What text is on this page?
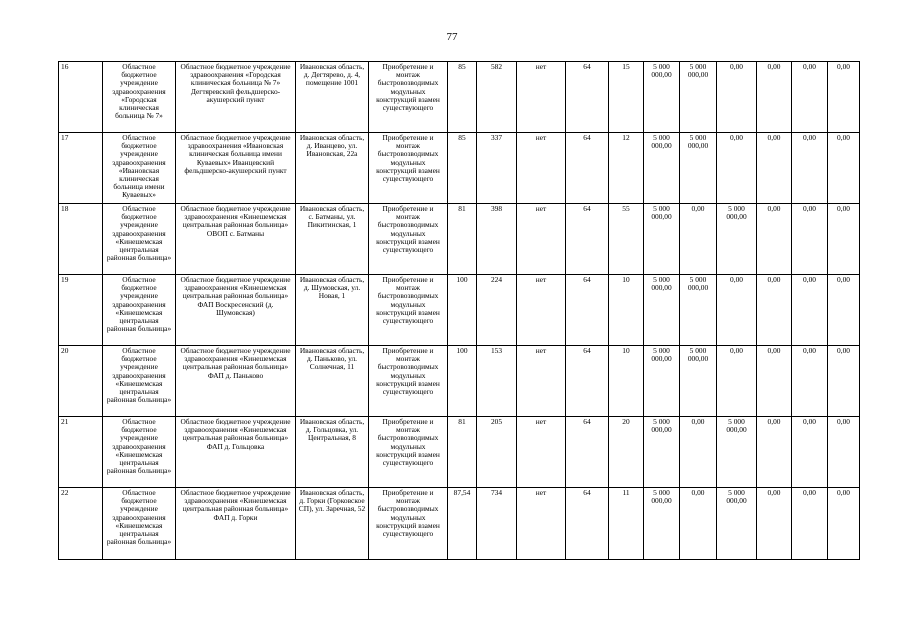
77
16	Областное бюджетное учреждение здравоохранения «Городская клиническая больница № 7»	Областное бюджетное учреждение здравоохранения «Городская клиническая больница № 7» Дегтяревский фельдшерско-акушерский пункт	Ивановская область, д. Дегтярево, д. 4, помещение 1001	Приобретение и монтаж быстровозводимых модульных конструкций взамен существующего	85	582	нет	64	15	5 000 000,00	5 000 000,00	0,00	0,00	0,00	0,00

17	Областное бюджетное учреждение здравоохранения «Ивановская клиническая больница имени Куваевых»	Областное бюджетное учреждение здравоохранения «Ивановская клиническая больница имени Куваевых» Иванцевский фельдшерско-акушерский пункт	Ивановская область, д. Иванцево, ул. Ивановская, 22а	Приобретение и монтаж быстровозводимых модульных конструкций взамен существующего	85	337	нет	64	12	5 000 000,00	5 000 000,00	0,00	0,00	0,00	0,00

18	Областное бюджетное учреждение здравоохранения «Кинешемская центральная районная больница»	Областное бюджетное учреждение здравоохранения «Кинешемская центральная районная больница» ОВОП с. Батманы	Ивановская область, с. Батманы, ул. Пикитинская, 1	Приобретение и монтаж быстровозводимых модульных конструкций взамен существующего	81	398	нет	64	55	5 000 000,00	0,00	5 000 000,00	0,00	0,00	0,00

19	Областное бюджетное учреждение здравоохранения «Кинешемская центральная районная больница»	Областное бюджетное учреждение здравоохранения «Кинешемская центральная районная больница» ФАП Воскресенский (д. Шумовская)	Ивановская область, д. Шумовская, ул. Новая, 1	Приобретение и монтаж быстровозводимых модульных конструкций взамен существующего	100	224	нет	64	10	5 000 000,00	5 000 000,00	0,00	0,00	0,00	0,00

20	Областное бюджетное учреждение здравоохранения «Кинешемская центральная районная больница»	Областное бюджетное учреждение здравоохранения «Кинешемская центральная районная больница» ФАП д. Паньково	Ивановская область, д. Паньково, ул. Солнечная, 11	Приобретение и монтаж быстровозводимых модульных конструкций взамен существующего	100	153	нет	64	10	5 000 000,00	5 000 000,00	0,00	0,00	0,00	0,00

21	Областное бюджетное учреждение здравоохранения «Кинешемская центральная районная больница»	Областное бюджетное учреждение здравоохранения «Кинешемская центральная районная больница» ФАП д. Гольцовка	Ивановская область, д. Гольцовка, ул. Центральная, 8	Приобретение и монтаж быстровозводимых модульных конструкций взамен существующего	81	205	нет	64	20	5 000 000,00	0,00	5 000 000,00	0,00	0,00	0,00

22	Областное бюджетное учреждение здравоохранения «Кинешемская центральная районная больница»	Областное бюджетное учреждение здравоохранения «Кинешемская центральная районная больница» ФАП д. Горки	Ивановская область, д. Горки (Горковское СП), ул. Заречная, 52	Приобретение и монтаж быстровозводимых модульных конструкций взамен существующего	87,54	734	нет	64	11	5 000 000,00	0,00	5 000 000,00	0,00	0,00	0,00
